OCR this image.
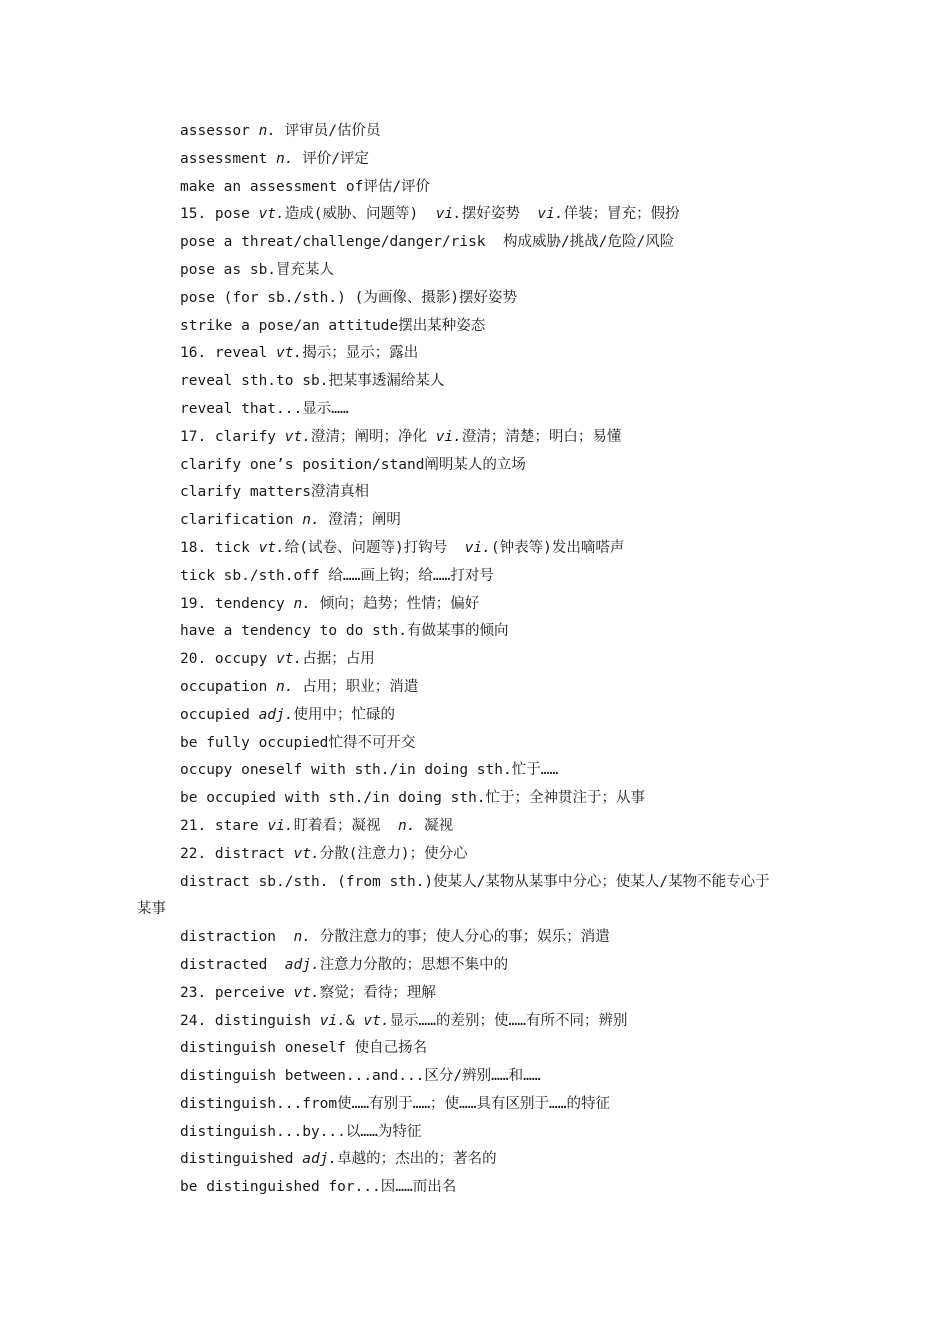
assessor n. 评审员/估价员
assessment n. 评价/评定
make an assessment of评估/评价
15. pose vt.造成(威胁、问题等)  vi.摆好姿势  vi.佯装；冒充；假扮
pose a threat/challenge/danger/risk  构成威胁/挑战/危险/风险
pose as sb.冒充某人
pose (for sb./sth.) (为画像、摄影)摆好姿势
strike a pose/an attitude摆出某种姿态
16. reveal vt.揭示；显示；露出
reveal sth.to sb.把某事透漏给某人
reveal that...显示……
17. clarify vt.澄清；阐明；净化 vi.澄清；清楚；明白；易懂
clarify one’s position/stand阐明某人的立场
clarify matters澄清真相
clarification n. 澄清；阐明
18. tick vt.给(试卷、问题等)打钩号  vi.(钟表等)发出嘀嗒声
tick sb./sth.off 给……画上钩；给……打对号
19. tendency n. 倾向；趋势；性情；偏好
have a tendency to do sth.有做某事的倾向
20. occupy vt.占据；占用
occupation n. 占用；职业；消遣
occupied adj.使用中；忙碌的
be fully occupied忙得不可开交
occupy oneself with sth./in doing sth.忙于……
be occupied with sth./in doing sth.忙于；全神贯注于；从事
21. stare vi.盯着看；凝视  n. 凝视
22. distract vt.分散(注意力)；使分心
distract sb./sth. (from sth.)使某人/某物从某事中分心；使某人/某物不能专心于
某事
distraction  n. 分散注意力的事；使人分心的事；娱乐；消遣
distracted  adj.注意力分散的；思想不集中的
23. perceive vt.察觉；看待；理解
24. distinguish vi.& vt.显示……的差别；使……有所不同；辨别
distinguish oneself 使自己扬名
distinguish between...and...区分/辨别……和……
distinguish...from使……有别于……；使……具有区别于……的特征
distinguish...by...以……为特征
distinguished adj.卓越的；杰出的；著名的
be distinguished for...因……而出名
